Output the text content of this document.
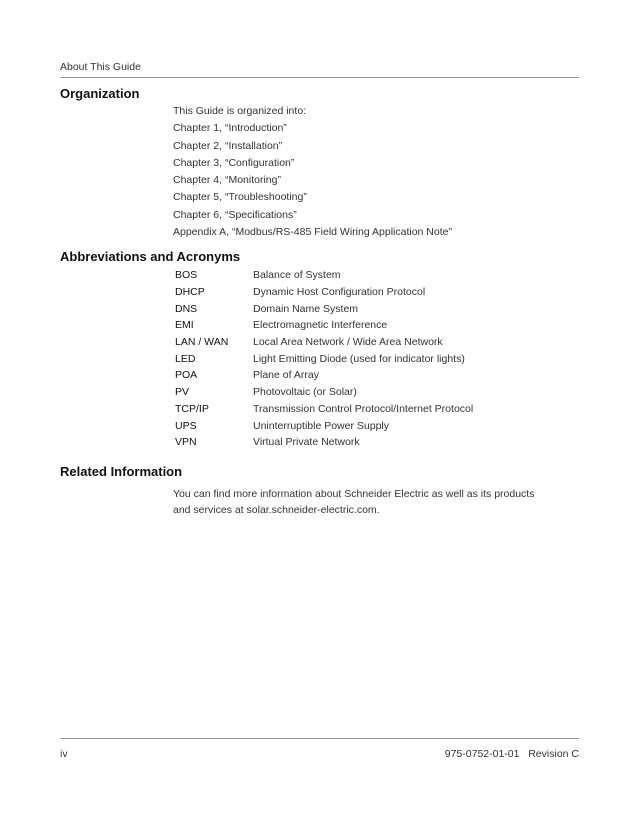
About This Guide
Organization
This Guide is organized into:
Chapter 1, “Introduction”
Chapter 2, “Installation”
Chapter 3, “Configuration”
Chapter 4, “Monitoring”
Chapter 5, “Troubleshooting”
Chapter 6, “Specifications”
Appendix A, “Modbus/RS-485 Field Wiring Application Note”
Abbreviations and Acronyms
BOS	Balance of System
DHCP	Dynamic Host Configuration Protocol
DNS	Domain Name System
EMI	Electromagnetic Interference
LAN / WAN	Local Area Network / Wide Area Network
LED	Light Emitting Diode (used for indicator lights)
POA	Plane of Array
PV	Photovoltaic (or Solar)
TCP/IP	Transmission Control Protocol/Internet Protocol
UPS	Uninterruptible Power Supply
VPN	Virtual Private Network
Related Information
You can find more information about Schneider Electric as well as its products and services at solar.schneider-electric.com.
iv	975-0752-01-01   Revision C
